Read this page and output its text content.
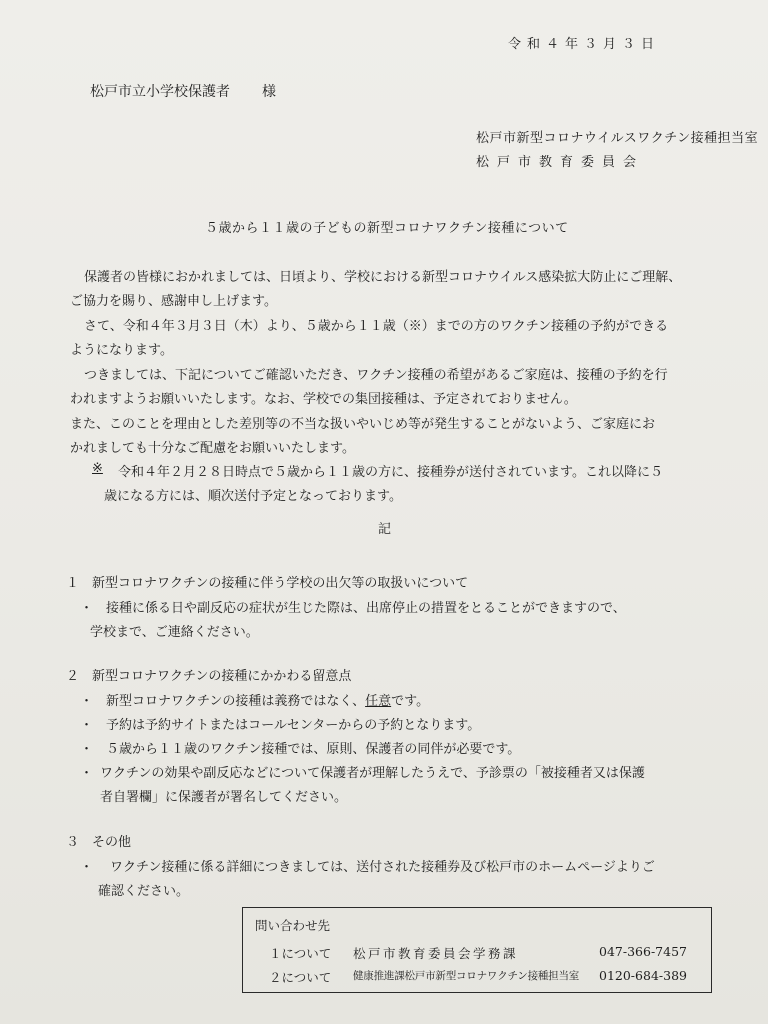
令和４年３月３日
松戸市立小学校保護者 様
松戸市新型コロナウイルスワクチン接種担当室
松戸市教育委員会
５歳から１１歳の子どもの新型コロナワクチン接種について
保護者の皆様におかれましては、日頃より、学校における新型コロナウイルス感染拡大防止にご理解、
ご協力を賜り、感謝申し上げます。
さて、令和４年３月３日（木）より、５歳から１１歳（※）までの方のワクチン接種の予約ができる
ようになります。
つきましては、下記についてご確認いただき、ワクチン接種の希望があるご家庭は、接種の予約を行
われますようお願いいたします。なお、学校での集団接種は、予定されておりません。
また、このことを理由とした差別等の不当な扱いやいじめ等が発生することがないよう、ご家庭にお
かれましても十分なご配慮をお願いいたします。
※ 令和４年２月２８日時点で５歳から１１歳の方に、接種券が送付されています。これ以降に５
歳になる方には、順次送付予定となっております。
記
１ 新型コロナワクチンの接種に伴う学校の出欠等の取扱いについて
・ 接種に係る日や副反応の症状が生じた際は、出席停止の措置をとることができますので、
学校まで、ご連絡ください。
２ 新型コロナワクチンの接種にかかわる留意点
・ 新型コロナワクチンの接種は義務ではなく、任意です。
・ 予約は予約サイトまたはコールセンターからの予約となります。
・ ５歳から１１歳のワクチン接種では、原則、保護者の同伴が必要です。
・ ワクチンの効果や副反応などについて保護者が理解したうえで、予診票の「被接種者又は保護
者自署欄」に保護者が署名してください。
３ その他
・ ワクチン接種に係る詳細につきましては、送付された接種券及び松戸市のホームページよりご
確認ください。
問い合わせ先
１について 松戸市教育委員会学務課	047-366-7457
２について 健康推進課松戸市新型コロナワクチン接種担当室 0120-684-389
